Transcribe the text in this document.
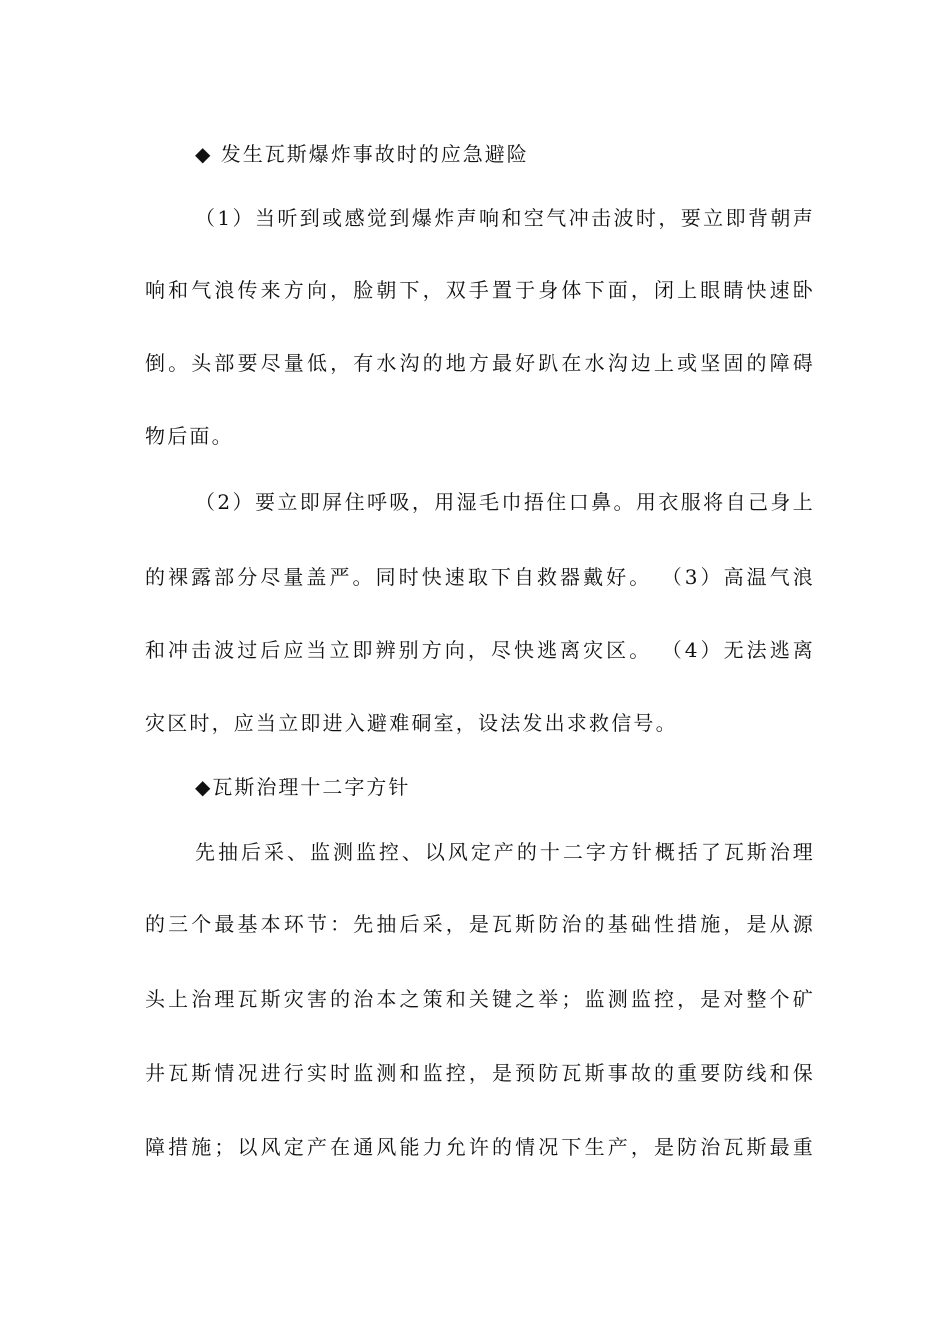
◆ 发生瓦斯爆炸事故时的应急避险
（1）当听到或感觉到爆炸声响和空气冲击波时，要立即背朝声
响和气浪传来方向，脸朝下，双手置于身体下面，闭上眼睛快速卧
倒。头部要尽量低，有水沟的地方最好趴在水沟边上或坚固的障碍
物后面。
（2）要立即屏住呼吸，用湿毛巾捂住口鼻。用衣服将自己身上
的裸露部分尽量盖严。同时快速取下自救器戴好。 （3）高温气浪
和冲击波过后应当立即辨别方向，尽快逃离灾区。 （4）无法逃离
灾区时，应当立即进入避难硐室，设法发出求救信号。
◆瓦斯治理十二字方针
先抽后采、监测监控、以风定产的十二字方针概括了瓦斯治理
的三个最基本环节：先抽后采，是瓦斯防治的基础性措施，是从源
头上治理瓦斯灾害的治本之策和关键之举；监测监控，是对整个矿
井瓦斯情况进行实时监测和监控，是预防瓦斯事故的重要防线和保
障措施；以风定产在通风能力允许的情况下生产，是防治瓦斯最重
